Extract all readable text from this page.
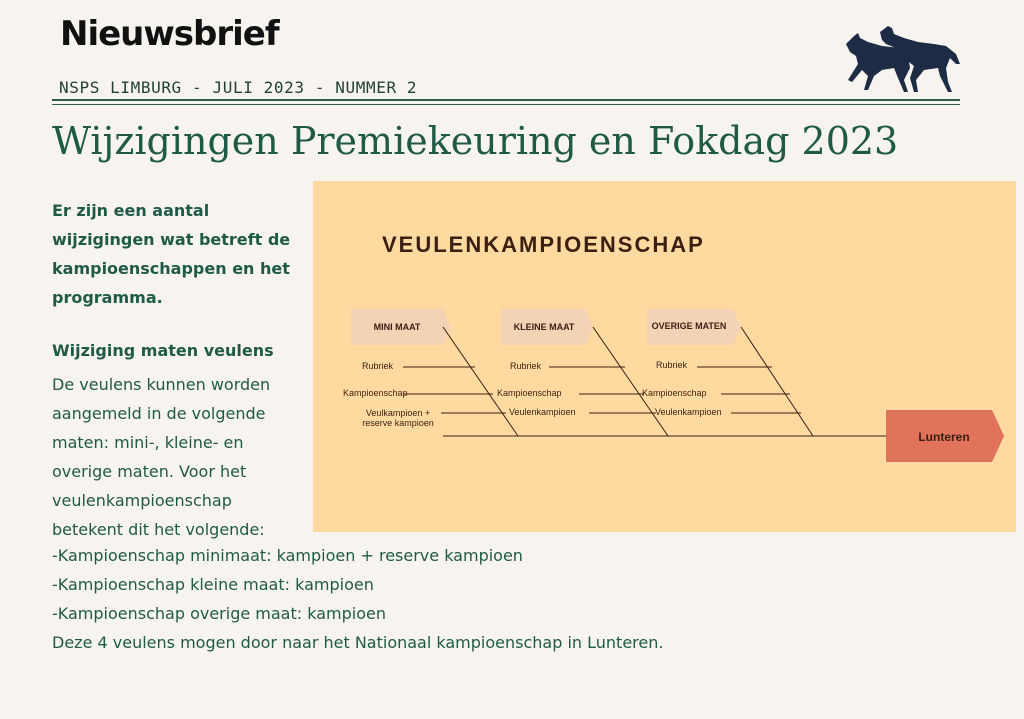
Nieuwsbrief
NSPS LIMBURG - JULI 2023 - NUMMER 2
Wijzigingen Premiekeuring en Fokdag 2023
Er zijn een aantal wijzigingen wat betreft de kampioenschappen en het programma.
Wijziging maten veulens
De veulens kunnen worden aangemeld in de volgende maten: mini-, kleine- en overige maten. Voor het veulenkampioenschap betekent dit het volgende:
-Kampioenschap minimaat: kampioen + reserve kampioen
-Kampioenschap kleine maat: kampioen
-Kampioenschap overige maat: kampioen
Deze 4 veulens mogen door naar het Nationaal kampioenschap in Lunteren.
VEULENKAMPIOENSCHAP
MINI MAAT	KLEINE MAAT	OVERIGE MATEN
Rubriek
Kampioenschap
Veulkampioen + reserve kampioen
Rubriek
Kampioenschap
Veulenkampioen
Rubriek
Kampioenschap
Veulenkampioen
Lunteren
